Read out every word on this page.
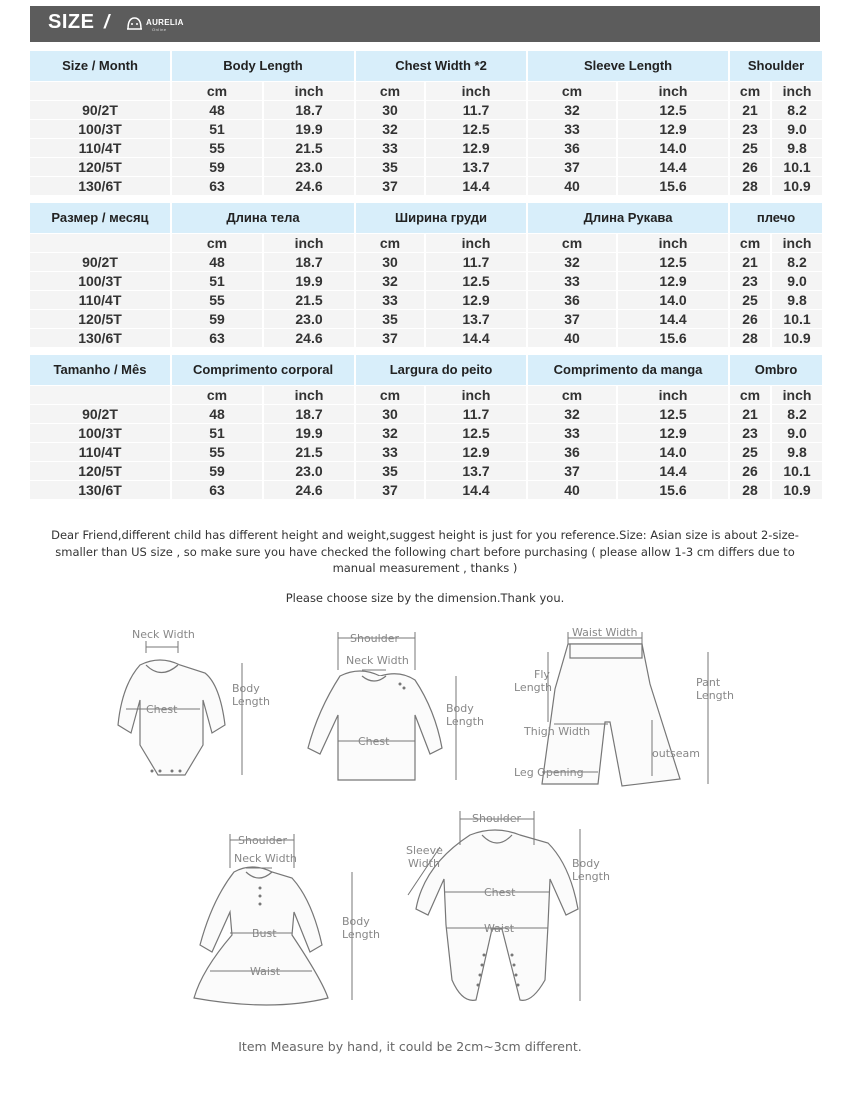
SIZE /	AURELIA
Online
Size / Month	Body Length		Chest Width *2		Sleeve Length		Shoulder	
	cm	inch	cm	inch	cm	inch	cm	inch
90/2T	48	18.7	30	11.7	32	12.5	21	8.2
100/3T	51	19.9	32	12.5	33	12.9	23	9.0
110/4T	55	21.5	33	12.9	36	14.0	25	9.8
120/5T	59	23.0	35	13.7	37	14.4	26	10.1
130/6T	63	24.6	37	14.4	40	15.6	28	10.9
Размер / месяц	Длина тела		Ширина груди		Длина Рукава		плечо	
	cm	inch	cm	inch	cm	inch	cm	inch
90/2T	48	18.7	30	11.7	32	12.5	21	8.2
100/3T	51	19.9	32	12.5	33	12.9	23	9.0
110/4T	55	21.5	33	12.9	36	14.0	25	9.8
120/5T	59	23.0	35	13.7	37	14.4	26	10.1
130/6T	63	24.6	37	14.4	40	15.6	28	10.9
Tamanho / Mês	Comprimento corporal		Largura do peito		Comprimento da manga		Ombro	
	cm	inch	cm	inch	cm	inch	cm	inch
90/2T	48	18.7	30	11.7	32	12.5	21	8.2
100/3T	51	19.9	32	12.5	33	12.9	23	9.0
110/4T	55	21.5	33	12.9	36	14.0	25	9.8
120/5T	59	23.0	35	13.7	37	14.4	26	10.1
130/6T	63	24.6	37	14.4	40	15.6	28	10.9
Dear Friend,different child has different height and weight,suggest height is just for you reference.Size: Asian size is about 2-size-
smaller than US size , so make sure you have checked the following chart before purchasing ( please allow 1-3 cm differs due to
manual measurement , thanks )
Please choose size by the dimension.Thank you.
Neck Width
Chest
Body
Length
Shoulder
Neck Width
Chest
Body
Length
Waist Width
Fly
Length	Pant
Length
Thigh Width
outseam
Leg Opening
Shoulder
Neck Width
Bust
Waist
Body
Length
Shoulder
Sleeve
Width
Chest
Waist
Body
Length
Item Measure by hand, it could be 2cm~3cm different.
